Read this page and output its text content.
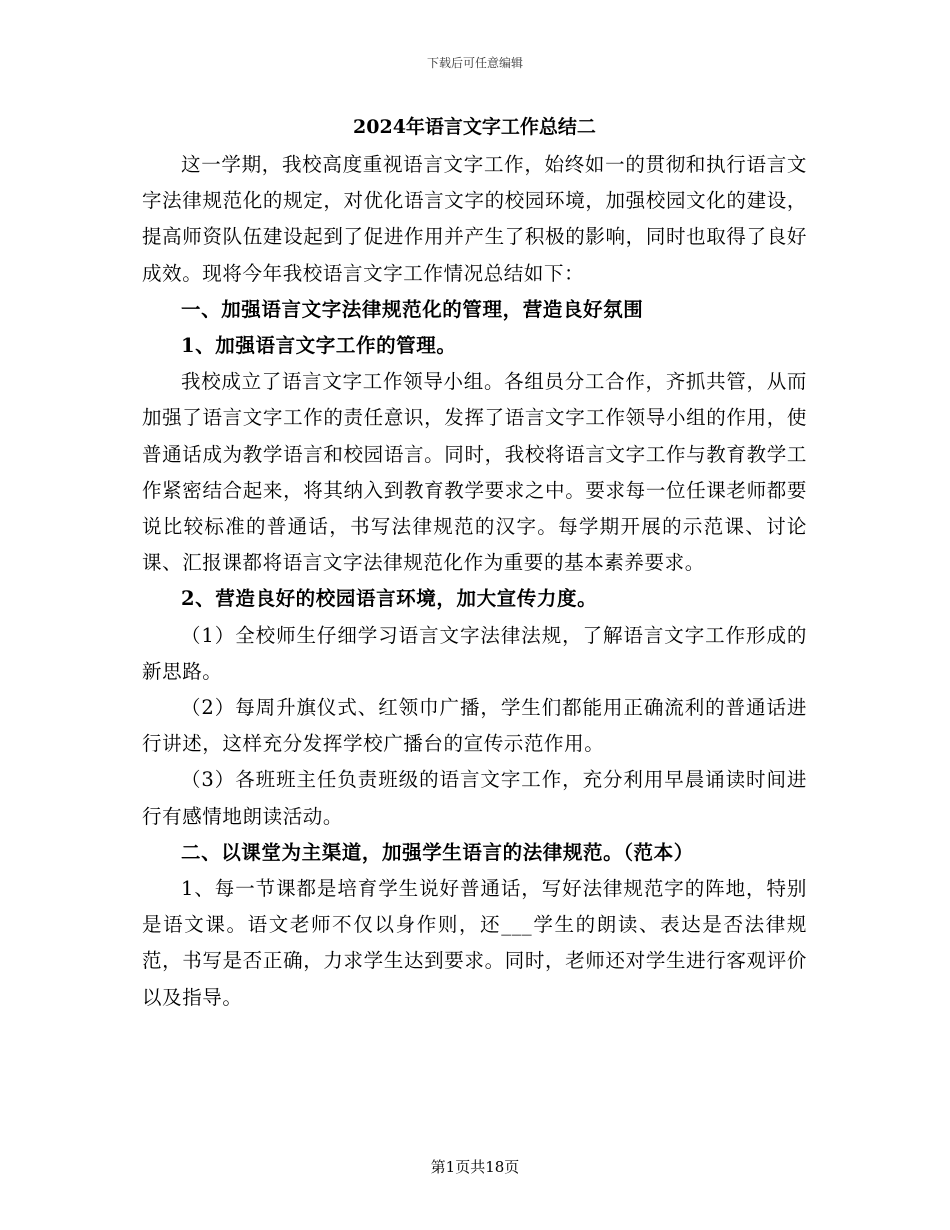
下载后可任意编辑
2024年语言文字工作总结二

这一学期，我校高度重视语言文字工作，始终如一的贯彻和执行语言文字法律规范化的规定，对优化语言文字的校园环境，加强校园文化的建设，提高师资队伍建设起到了促进作用并产生了积极的影响，同时也取得了良好成效。现将今年我校语言文字工作情况总结如下：

一、加强语言文字法律规范化的管理，营造良好氛围

1、加强语言文字工作的管理。

我校成立了语言文字工作领导小组。各组员分工合作，齐抓共管，从而加强了语言文字工作的责任意识，发挥了语言文字工作领导小组的作用，使普通话成为教学语言和校园语言。同时，我校将语言文字工作与教育教学工作紧密结合起来，将其纳入到教育教学要求之中。要求每一位任课老师都要说比较标准的普通话，书写法律规范的汉字。每学期开展的示范课、讨论课、汇报课都将语言文字法律规范化作为重要的基本素养要求。

2、营造良好的校园语言环境，加大宣传力度。

（1）全校师生仔细学习语言文字法律法规，了解语言文字工作形成的新思路。

（2）每周升旗仪式、红领巾广播，学生们都能用正确流利的普通话进行讲述，这样充分发挥学校广播台的宣传示范作用。

（3）各班班主任负责班级的语言文字工作，充分利用早晨诵读时间进行有感情地朗读活动。

二、以课堂为主渠道，加强学生语言的法律规范。（范本）

1、每一节课都是培育学生说好普通话，写好法律规范字的阵地，特别是语文课。语文老师不仅以身作则，还___学生的朗读、表达是否法律规范，书写是否正确，力求学生达到要求。同时，老师还对学生进行客观评价以及指导。

第1页共18页
